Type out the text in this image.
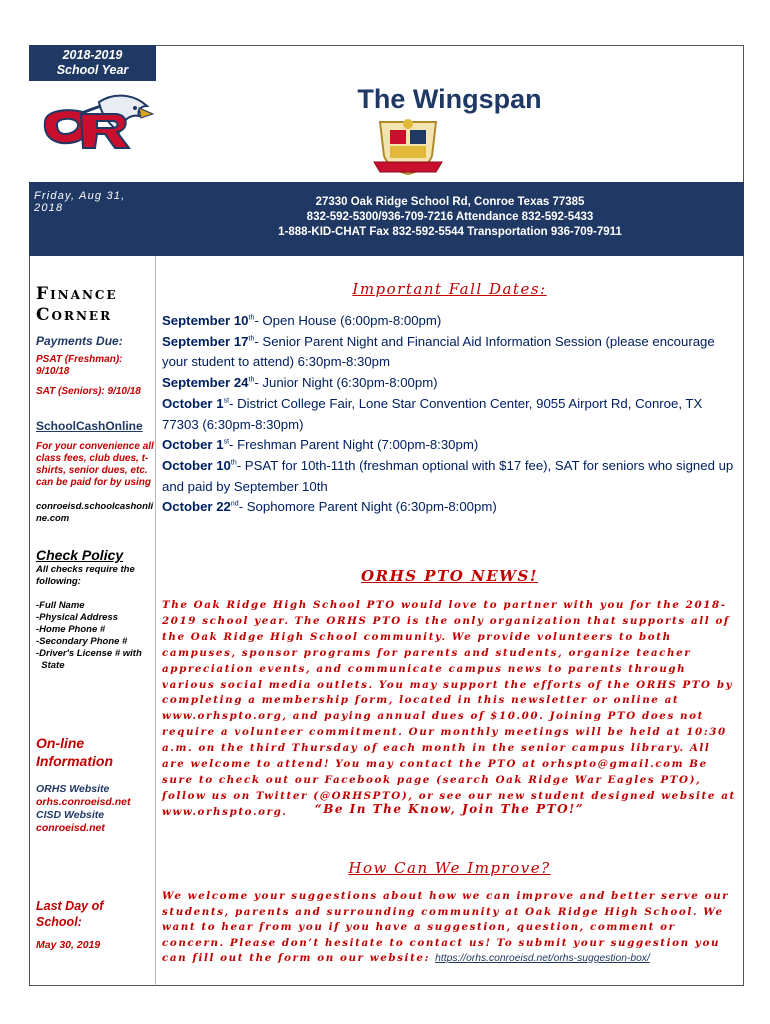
2018-2019
School Year
The Wingspan
Friday, Aug 31, 2018	27330 Oak Ridge School Rd, Conroe Texas 77385
832-592-5300/936-709-7216 Attendance 832-592-5433
1-888-KID-CHAT Fax 832-592-5544 Transportation 936-709-7911
Finance
Corner
Payments Due:
PSAT (Freshman): 9/10/18
SAT (Seniors): 9/10/18
SchoolCashOnline
For your convenience all class fees, club dues, t-shirts, senior dues, etc. can be paid for by using
conroeisd.schoolcashonline.com
Check Policy
All checks require the following:
-Full Name
-Physical Address
-Home Phone #
-Secondary Phone #
-Driver's License # with
State
On-line
Information
ORHS Website
orhs.conroeisd.net
CISD Website
conroeisd.net
Last Day of
School:
May 30, 2019
Important Fall Dates:
September 10th- Open House (6:00pm-8:00pm)
September 17th- Senior Parent Night and Financial Aid Information Session (please encourage your student to attend) 6:30pm-8:30pm
September 24th- Junior Night (6:30pm-8:00pm)
October 1st- District College Fair, Lone Star Convention Center, 9055 Airport Rd, Conroe, TX 77303 (6:30pm-8:30pm)
October 1st- Freshman Parent Night (7:00pm-8:30pm)
October 10th- PSAT for 10th-11th (freshman optional with $17 fee), SAT for seniors who signed up and paid by September 10th
October 22nd- Sophomore Parent Night (6:30pm-8:00pm)
ORHS PTO NEWS!
The Oak Ridge High School PTO would love to partner with you for the 2018-2019 school year. The ORHS PTO is the only organization that supports all of the Oak Ridge High School community. We provide volunteers to both campuses, sponsor programs for parents and students, organize teacher appreciation events, and communicate campus news to parents through various social media outlets. You may support the efforts of the ORHS PTO by completing a membership form, located in this newsletter or online at www.orhspto.org, and paying annual dues of $10.00. Joining PTO does not require a volunteer commitment. Our monthly meetings will be held at 10:30 a.m. on the third Thursday of each month in the senior campus library. All are welcome to attend! You may contact the PTO at orhspto@gmail.com Be sure to check out our Facebook page (search Oak Ridge War Eagles PTO), follow us on Twitter (@ORHSPTO), or see our new student designed website at www.orhspto.org.	“Be In The Know, Join The PTO!”
How Can We Improve?
We welcome your suggestions about how we can improve and better serve our students, parents and surrounding community at Oak Ridge High School. We want to hear from you if you have a suggestion, question, comment or concern. Please don’t hesitate to contact us! To submit your suggestion you can fill out the form on our website: https://orhs.conroeisd.net/orhs-suggestion-box/
